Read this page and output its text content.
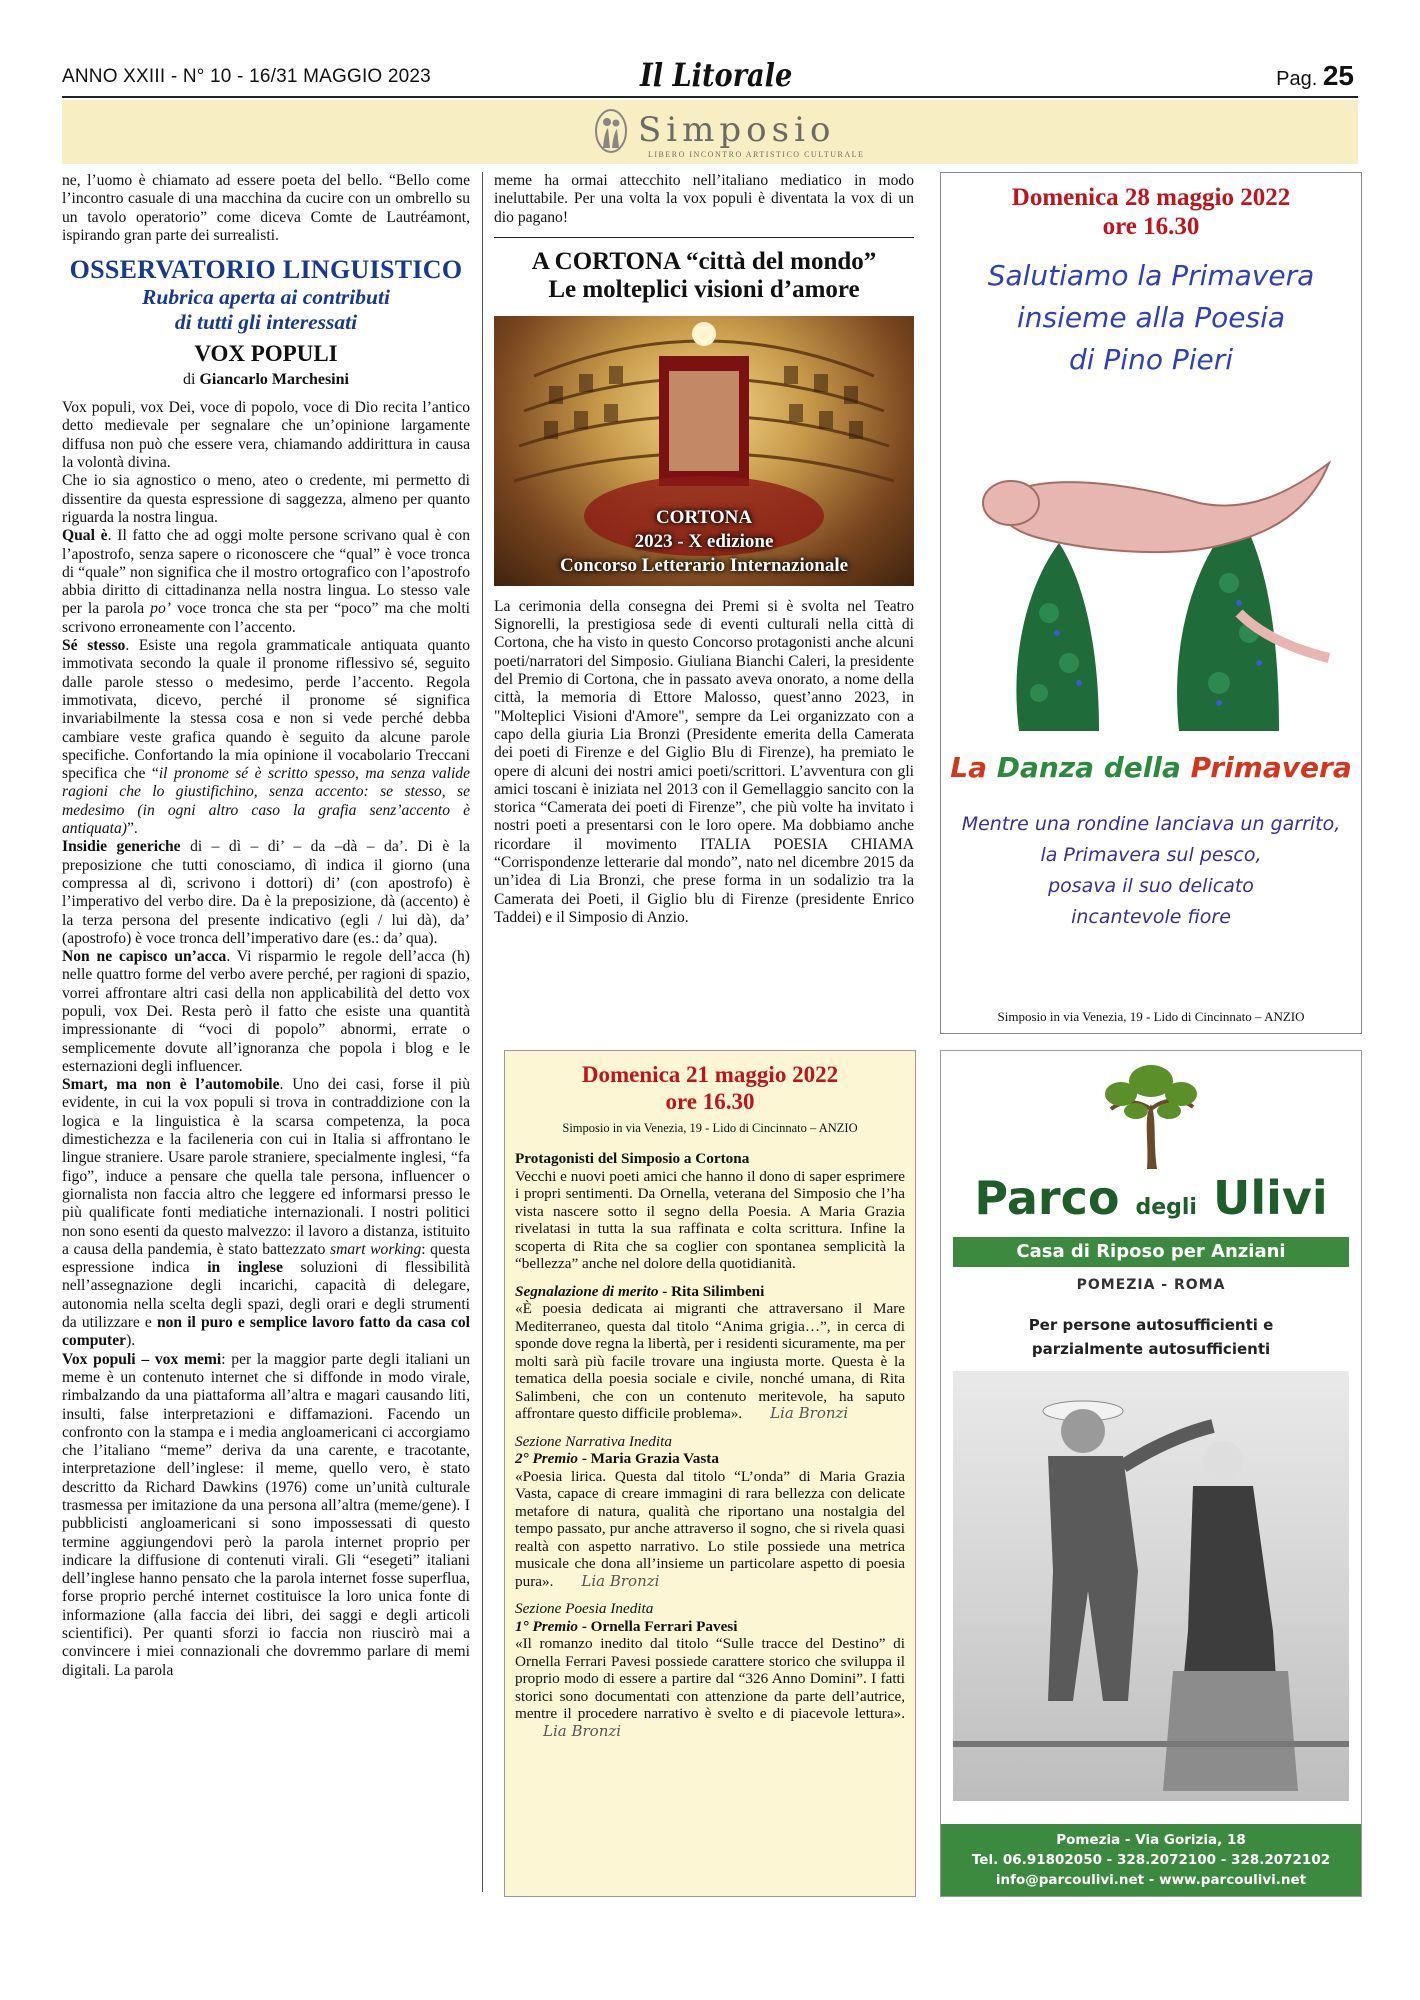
ANNO XXIII - N° 10 - 16/31 MAGGIO 2023	Il Litorale	Pag. 25
Simposio
LIBERO INCONTRO ARTISTICO CULTURALE

ne, l’uomo è chiamato ad essere poeta del bello. “Bello come l’incontro casuale di una macchina da cucire con un ombrello su un tavolo operatorio” come diceva Comte de Lautréamont, ispirando gran parte dei surrealisti.

OSSERVATORIO LINGUISTICO
Rubrica aperta ai contributi
di tutti gli interessati
VOX POPULI
di Giancarlo Marchesini

Vox populi, vox Dei, voce di popolo, voce di Dio recita l’antico detto medievale per segnalare che un’opinione largamente diffusa non può che essere vera, chiamando addirittura in causa la volontà divina.

Che io sia agnostico o meno, ateo o credente, mi permetto di dissentire da questa espressione di saggezza, almeno per quanto riguarda la nostra lingua.

Qual è. Il fatto che ad oggi molte persone scrivano qual è con l’apostrofo, senza sapere o riconoscere che “qual” è voce tronca di “quale” non significa che il mostro ortografico con l’apostrofo abbia diritto di cittadinanza nella nostra lingua. Lo stesso vale per la parola po’ voce tronca che sta per “poco” ma che molti scrivono erroneamente con l’accento.

Sé stesso. Esiste una regola grammaticale antiquata quanto immotivata secondo la quale il pronome riflessivo sé, seguito dalle parole stesso o medesimo, perde l’accento. Regola immotivata, dicevo, perché il pronome sé significa invariabilmente la stessa cosa e non si vede perché debba cambiare veste grafica quando è seguito da alcune parole specifiche. Confortando la mia opinione il vocabolario Treccani specifica che “il pronome sé è scritto spesso, ma senza valide ragioni che lo giustifichino, senza accento: se stesso, se medesimo (in ogni altro caso la grafia senz’accento è antiquata)”.

Insidie generiche di – dì – di’ – da –dà – da’. Di è la preposizione che tutti conosciamo, dì indica il giorno (una compressa al dì, scrivono i dottori) di’ (con apostrofo) è l’imperativo del verbo dire. Da è la preposizione, dà (accento) è la terza persona del presente indicativo (egli / lui dà), da’ (apostrofo) è voce tronca dell’imperativo dare (es.: da’ qua).

Non ne capisco un’acca. Vi risparmio le regole dell’acca (h) nelle quattro forme del verbo avere perché, per ragioni di spazio, vorrei affrontare altri casi della non applicabilità del detto vox populi, vox Dei. Resta però il fatto che esiste una quantità impressionante di “voci di popolo” abnormi, errate o semplicemente dovute all’ignoranza che popola i blog e le esternazioni degli influencer.

Smart, ma non è l’automobile. Uno dei casi, forse il più evidente, in cui la vox populi si trova in contraddizione con la logica e la linguistica è la scarsa competenza, la poca dimestichezza e la facileneria con cui in Italia si affrontano le lingue straniere. Usare parole straniere, specialmente inglesi, “fa figo”, induce a pensare che quella tale persona, influencer o giornalista non faccia altro che leggere ed informarsi presso le più qualificate fonti mediatiche internazionali. I nostri politici non sono esenti da questo malvezzo: il lavoro a distanza, istituito a causa della pandemia, è stato battezzato smart working: questa espressione indica in inglese soluzioni di flessibilità nell’assegnazione degli incarichi, capacità di delegare, autonomia nella scelta degli spazi, degli orari e degli strumenti da utilizzare e non il puro e semplice lavoro fatto da casa col computer).

Vox populi – vox memi: per la maggior parte degli italiani un meme è un contenuto internet che si diffonde in modo virale, rimbalzando da una piattaforma all’altra e magari causando liti, insulti, false interpretazioni e diffamazioni. Facendo un confronto con la stampa e i media angloamericani ci accorgiamo che l’italiano “meme” deriva da una carente, e tracotante, interpretazione dell’inglese: il meme, quello vero, è stato descritto da Richard Dawkins (1976) come un’unità culturale trasmessa per imitazione da una persona all’altra (meme/gene). I pubblicisti angloamericani si sono impossessati di questo termine aggiungendovi però la parola internet proprio per indicare la diffusione di contenuti virali. Gli “esegeti” italiani dell’inglese hanno pensato che la parola internet fosse superflua, forse proprio perché internet costituisce la loro unica fonte di informazione (alla faccia dei libri, dei saggi e degli articoli scientifici). Per quanti sforzi io faccia non riuscirò mai a convincere i miei connazionali che dovremmo parlare di memi digitali. La parola

meme ha ormai attecchito nell’italiano mediatico in modo ineluttabile. Per una volta la vox populi è diventata la vox di un dio pagano!

A CORTONA “città del mondo”
Le molteplici visioni d’amore
CORTONA
2023 - X edizione
Concorso Letterario Internazionale

La cerimonia della consegna dei Premi si è svolta nel Teatro Signorelli, la prestigiosa sede di eventi culturali nella città di Cortona, che ha visto in questo Concorso protagonisti anche alcuni poeti/narratori del Simposio. Giuliana Bianchi Caleri, la presidente del Premio di Cortona, che in passato aveva onorato, a nome della città, la memoria di Ettore Malosso, quest’anno 2023, in "Molteplici Visioni d'Amore", sempre da Lei organizzato con a capo della giuria Lia Bronzi (Presidente emerita della Camerata dei poeti di Firenze e del Giglio Blu di Firenze), ha premiato le opere di alcuni dei nostri amici poeti/scrittori. L’avventura con gli amici toscani è iniziata nel 2013 con il Gemellaggio sancito con la storica “Camerata dei poeti di Firenze”, che più volte ha invitato i nostri poeti a presentarsi con le loro opere. Ma dobbiamo anche ricordare il movimento ITALIA POESIA CHIAMA “Corrispondenze letterarie dal mondo”, nato nel dicembre 2015 da un’idea di Lia Bronzi, che prese forma in un sodalizio tra la Camerata dei Poeti, il Giglio blu di Firenze (presidente Enrico Taddei) e il Simposio di Anzio.

Domenica 21 maggio 2022
ore 16.30
Simposio in via Venezia, 19 - Lido di Cincinnato – ANZIO

Protagonisti del Simposio a Cortona

Vecchi e nuovi poeti amici che hanno il dono di saper esprimere i propri sentimenti. Da Ornella, veterana del Simposio che l’ha vista nascere sotto il segno della Poesia. A Maria Grazia rivelatasi in tutta la sua raffinata e colta scrittura. Infine la scoperta di Rita che sa coglier con spontanea semplicità la “bellezza” anche nel dolore della quotidianità.

Segnalazione di merito - Rita Silimbeni

«È poesia dedicata ai migranti che attraversano il Mare Mediterraneo, questa dal titolo “Anima grigia…”, in cerca di sponde dove regna la libertà, per i residenti sicuramente, ma per molti sarà più facile trovare una ingiusta morte. Questa è la tematica della poesia sociale e civile, nonché umana, di Rita Salimbeni, che con un contenuto meritevole, ha saputo affrontare questo difficile problema». Lia Bronzi

Sezione Narrativa Inedita

2° Premio - Maria Grazia Vasta

«Poesia lirica. Questa dal titolo “L’onda” di Maria Grazia Vasta, capace di creare immagini di rara bellezza con delicate metafore di natura, qualità che riportano una nostalgia del tempo passato, pur anche attraverso il sogno, che si rivela quasi realtà con aspetto narrativo. Lo stile possiede una metrica musicale che dona all’insieme un particolare aspetto di poesia pura». Lia Bronzi

Sezione Poesia Inedita

1° Premio - Ornella Ferrari Pavesi

«Il romanzo inedito dal titolo “Sulle tracce del Destino” di Ornella Ferrari Pavesi possiede carattere storico che sviluppa il proprio modo di essere a partire dal “326 Anno Domini”. I fatti storici sono documentati con attenzione da parte dell’autrice, mentre il procedere narrativo è svelto e di piacevole lettura».Lia Bronzi

Domenica 28 maggio 2022
ore 16.30
Salutiamo la Primavera
insieme alla Poesia
di Pino Pieri
La Danza della Primavera
Mentre una rondine lanciava un garrito,
la Primavera sul pesco,
posava il suo delicato
incantevole fiore
Simposio in via Venezia, 19 - Lido di Cincinnato – ANZIO
Parco degli Ulivi
Casa di Riposo per Anziani
POMEZIA - ROMA
Per persone autosufficienti e
parzialmente autosufficienti
Pomezia - Via Gorizia, 18
Tel. 06.91802050 - 328.2072100 - 328.2072102
info@parcoulivi.net - www.parcoulivi.net
